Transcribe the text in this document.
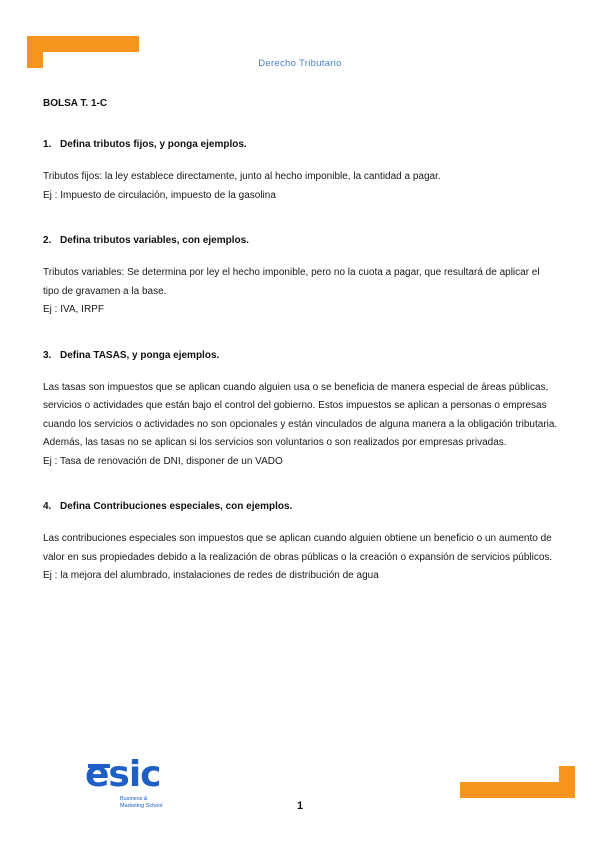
Derecho Tributario

BOLSA T. 1-C

1. Defina tributos fijos, y ponga ejemplos.

Tributos fijos: la ley establece directamente, junto al hecho imponible, la cantidad a pagar.

Ej : Impuesto de circulación, impuesto de la gasolina

2. Defina tributos variables, con ejemplos.

Tributos variables: Se determina por ley el hecho imponible, pero no la cuota a pagar, que resultará de aplicar el tipo de gravamen a la base.

Ej : IVA, IRPF

3. Defina TASAS, y ponga ejemplos.

Las tasas son impuestos que se aplican cuando alguien usa o se beneficia de manera especial de áreas públicas, servicios o actividades que están bajo el control del gobierno. Estos impuestos se aplican a personas o empresas cuando los servicios o actividades no son opcionales y están vinculados de alguna manera a la obligación tributaria. Además, las tasas no se aplican si los servicios son voluntarios o son realizados por empresas privadas.

Ej : Tasa de renovación de DNI, disponer de un VADO

4. Defina Contribuciones especiales, con ejemplos.

Las contribuciones especiales son impuestos que se aplican cuando alguien obtiene un beneficio o un aumento de valor en sus propiedades debido a la realización de obras públicas o la creación o expansión de servicios públicos.

Ej : la mejora del alumbrado, instalaciones de redes de distribución de agua

esic
Business &
Marketing School	1
